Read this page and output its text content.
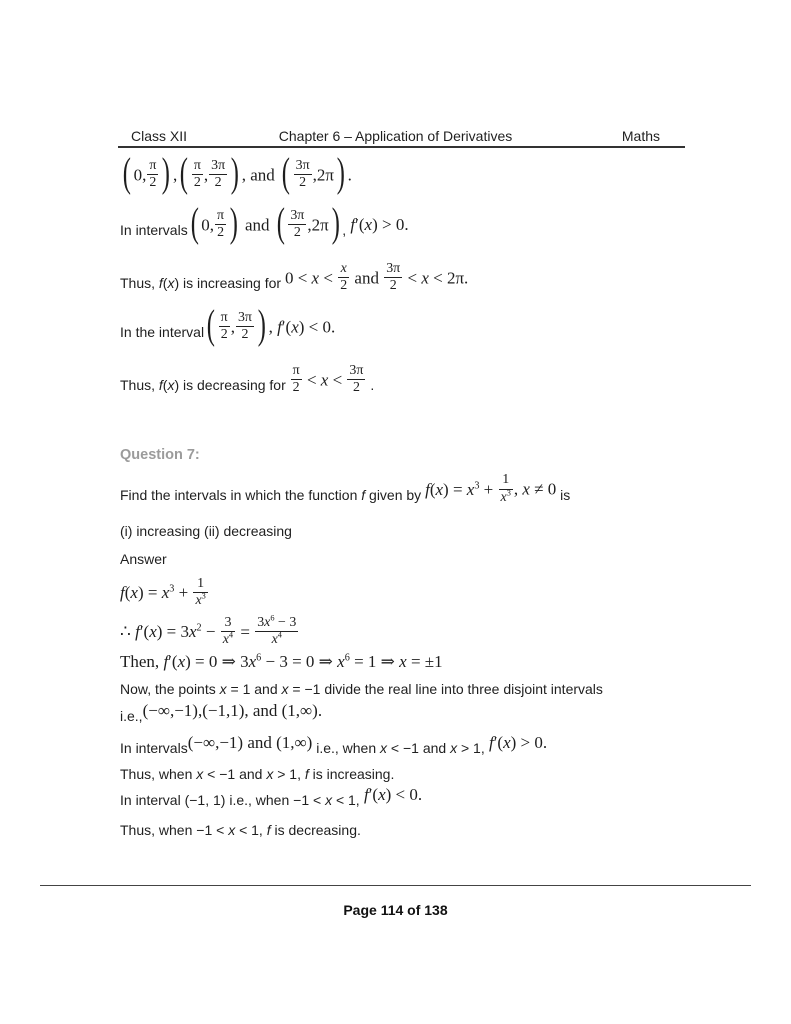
Class XII	Chapter 6 – Application of Derivatives	Maths
( 0, $\frac{\pi}{2}$ ) ,( $\frac{\pi}{2}$ , $\frac{3\pi}{2}$ ) , and ( $\frac{3\pi}{2} ,2\pi$) .
In intervals ( 0, $\frac{\pi}{2}$ ) and ( $\frac{3\pi}{2} ,2\pi$) , f′(x) > 0.
Thus, f(x) is increasing for $0 < x < \frac{x}{2}$ and $\frac{3\pi}{2} < x < 2\pi$.
In the interval ( $\frac{\pi}{2}$ , $\frac{3\pi}{2}$ ) , f′(x) < 0.
Thus, f(x) is decreasing for $\frac{\pi}{2} < x < \frac{3\pi}{2}$ .
Question 7:
Find the intervals in which the function f given by $f(x) = x^3 + \frac{1}{x^3}$ , x ≠ 0 is
(i) increasing (ii) decreasing
Answer
$f(x) = x^3 + \frac{1}{x^3}$
∴ $f'(x) = 3x^2 - \frac{3}{x^4} = \frac{3x^6 - 3}{x^4}$
Then, f′(x) = 0 ⇒ $3x^6 - 3 = 0$ ⇒ $x^6 = 1$ ⇒ x = ±1
Now, the points x = 1 and x = −1 divide the real line into three disjoint intervals
i.e., (−∞,−1),(−1,1), and (1,∞).
In intervals (−∞,−1) and (1,∞) i.e., when x < −1 and x > 1, f′(x) > 0.
Thus, when x < −1 and x > 1, f is increasing.
In interval (−1, 1) i.e., when −1 < x < 1, f′(x) < 0.
Thus, when −1 < x < 1, f is decreasing.
Page 114 of 138
